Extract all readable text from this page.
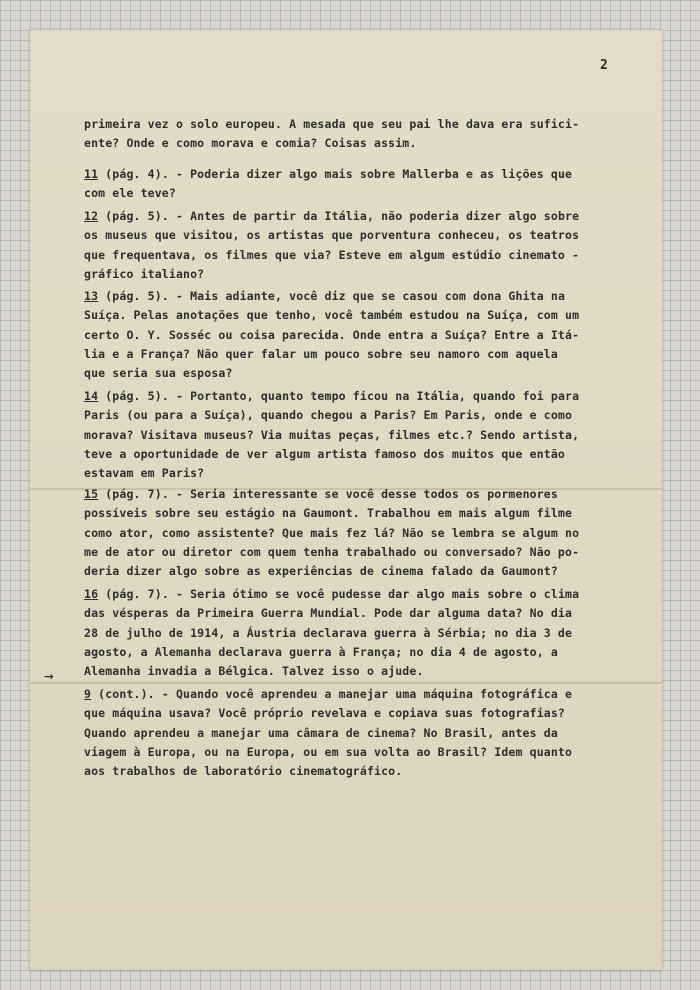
2

primeira vez o solo europeu. A mesada que seu pai lhe dava era sufici-
ente? Onde e como morava e comia? Coisas assim.

11 (pág. 4). - Poderia dizer algo mais sobre Mallerba e as lições que
com ele teve?

12 (pág. 5). - Antes de partir da Itália, não poderia dizer algo sobre
os museus que visitou, os artistas que porventura conheceu, os teatros
que frequentava, os filmes que via? Esteve em algum estúdio cinemato -
gráfico italiano?

13 (pág. 5). - Mais adiante, você diz que se casou com dona Ghita na
Suíça. Pelas anotações que tenho, você também estudou na Suíça, com um
certo O. Y. Sosséc ou coisa parecida. Onde entra a Suíça? Entre a Itá-
lia e a França? Não quer falar um pouco sobre seu namoro com aquela
que seria sua esposa?

14 (pág. 5). - Portanto, quanto tempo ficou na Itália, quando foi para
Paris (ou para a Suíça), quando chegou a Paris? Em Paris, onde e como
morava? Visitava museus? Via muitas peças, filmes etc.? Sendo artista,
teve a oportunidade de ver algum artista famoso dos muitos que então
estavam em Paris?

15 (pág. 7). - Seria interessante se você desse todos os pormenores
possíveis sobre seu estágio na Gaumont. Trabalhou em mais algum filme
como ator, como assistente? Que mais fez lá? Não se lembra se algum no
me de ator ou diretor com quem tenha trabalhado ou conversado? Não po-
deria dizer algo sobre as experiências de cinema falado da Gaumont?

16 (pág. 7). - Seria ótimo se você pudesse dar algo mais sobre o clima
das vésperas da Primeira Guerra Mundial. Pode dar alguma data? No dia
28 de julho de 1914, a Áustria declarava guerra à Sérbia; no dia 3 de
agosto, a Alemanha declarava guerra à França; no dia 4 de agosto, a
Alemanha invadia a Bélgica. Talvez isso o ajude.

→

9 (cont.). - Quando você aprendeu a manejar uma máquina fotográfica e
que máquina usava? Você próprio revelava e copiava suas fotografias?
Quando aprendeu a manejar uma câmara de cinema? No Brasil, antes da
viagem à Europa, ou na Europa, ou em sua volta ao Brasil? Idem quanto
aos trabalhos de laboratório cinematográfico.
